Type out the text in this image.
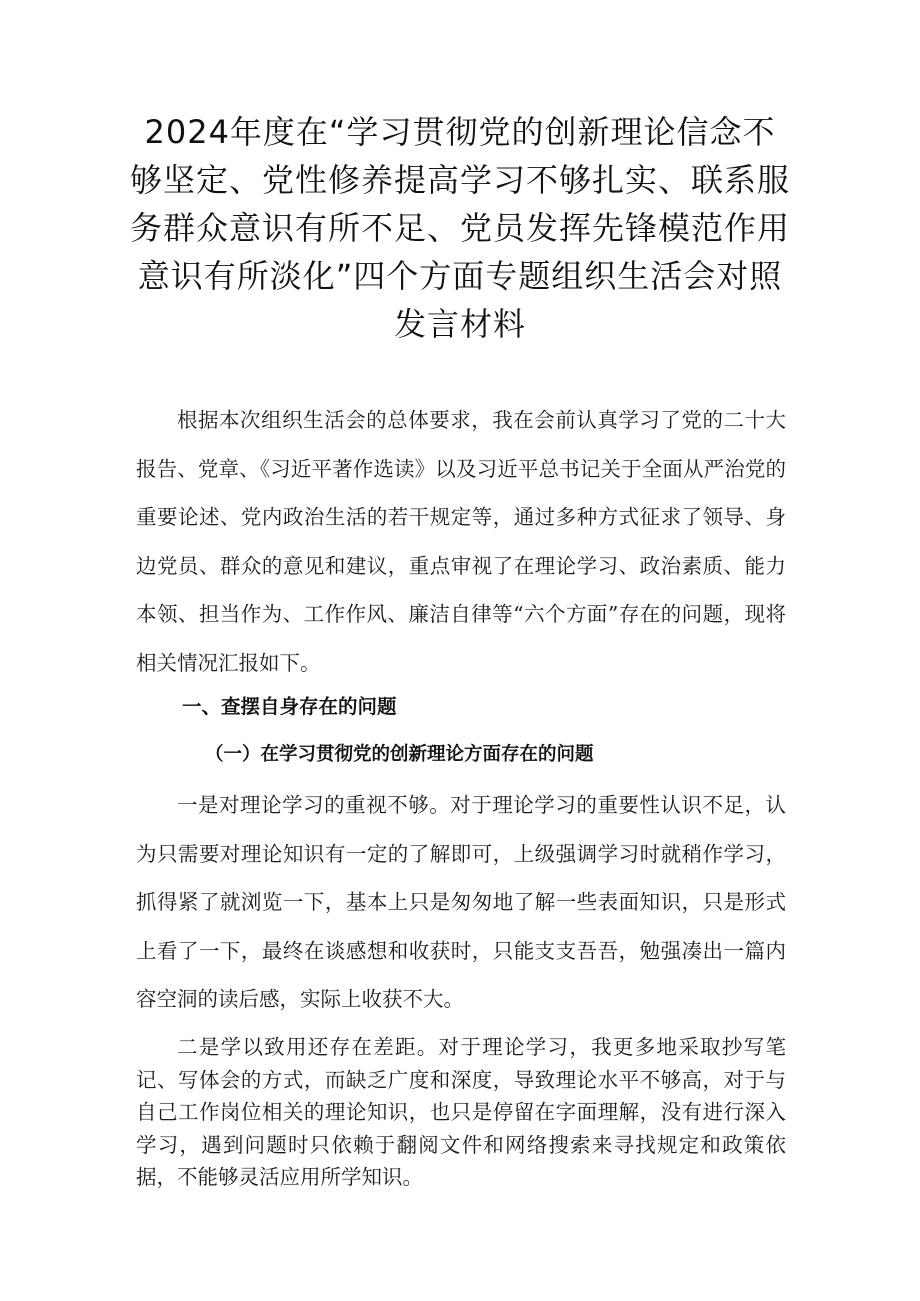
2024年度在“学习贯彻党的创新理论信念不够坚定、党性修养提高学习不够扎实、联系服务群众意识有所不足、党员发挥先锋模范作用意识有所淡化”四个方面专题组织生活会对照发言材料

根据本次组织生活会的总体要求，我在会前认真学习了党的二十大报告、党章、《习近平著作选读》以及习近平总书记关于全面从严治党的重要论述、党内政治生活的若干规定等，通过多种方式征求了领导、身边党员、群众的意见和建议，重点审视了在理论学习、政治素质、能力本领、担当作为、工作作风、廉洁自律等“六个方面”存在的问题，现将相关情况汇报如下。

一、查摆自身存在的问题
（一）在学习贯彻党的创新理论方面存在的问题

一是对理论学习的重视不够。对于理论学习的重要性认识不足，认为只需要对理论知识有一定的了解即可，上级强调学习时就稍作学习，抓得紧了就浏览一下，基本上只是匆匆地了解一些表面知识，只是形式上看了一下，最终在谈感想和收获时，只能支支吾吾，勉强凑出一篇内容空洞的读后感，实际上收获不大。

二是学以致用还存在差距。对于理论学习，我更多地采取抄写笔记、写体会的方式，而缺乏广度和深度，导致理论水平不够高，对于与自己工作岗位相关的理论知识，也只是停留在字面理解，没有进行深入学习，遇到问题时只依赖于翻阅文件和网络搜索来寻找规定和政策依据，不能够灵活应用所学知识。
